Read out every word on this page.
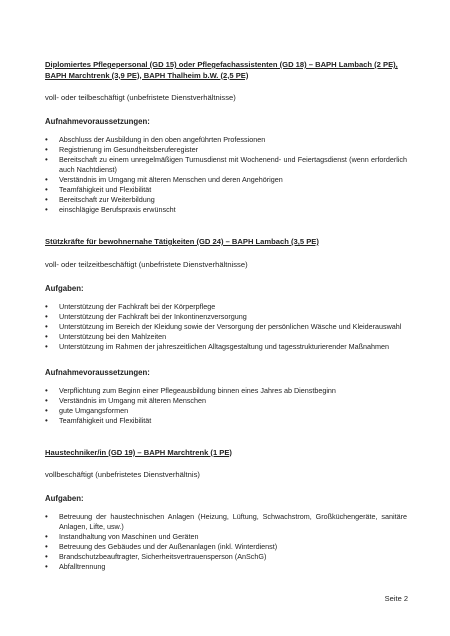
Diplomiertes Pflegepersonal (GD 15) oder Pflegefachassistenten (GD 18) – BAPH Lambach (2 PE), BAPH Marchtrenk (3,9 PE), BAPH Thalheim b.W. (2,5 PE)
voll- oder teilbeschäftigt (unbefristete Dienstverhältnisse)
Aufnahmevoraussetzungen:
• Abschluss der Ausbildung in den oben angeführten Professionen
• Registrierung im Gesundheitsberuferegister
• Bereitschaft zu einem unregelmäßigen Turnusdienst mit Wochenend- und Feiertagsdienst (wenn erforderlich auch Nachtdienst)
• Verständnis im Umgang mit älteren Menschen und deren Angehörigen
• Teamfähigkeit und Flexibilität
• Bereitschaft zur Weiterbildung
• einschlägige Berufspraxis erwünscht
Stützkräfte für bewohnernahe Tätigkeiten (GD 24) – BAPH Lambach (3,5 PE)
voll- oder teilzeitbeschäftigt (unbefristete Dienstverhältnisse)
Aufgaben:
• Unterstützung der Fachkraft bei der Körperpflege
• Unterstützung der Fachkraft bei der Inkontinenzversorgung
• Unterstützung im Bereich der Kleidung sowie der Versorgung der persönlichen Wäsche und Kleiderauswahl
• Unterstützung bei den Mahlzeiten
• Unterstützung im Rahmen der jahreszeitlichen Alltagsgestaltung und tagesstrukturierender Maßnahmen
Aufnahmevoraussetzungen:
• Verpflichtung zum Beginn einer Pflegeausbildung binnen eines Jahres ab Dienstbeginn
• Verständnis im Umgang mit älteren Menschen
• gute Umgangsformen
• Teamfähigkeit und Flexibilität
Haustechniker/in (GD 19) – BAPH Marchtrenk (1 PE)
vollbeschäftigt (unbefristetes Dienstverhältnis)
Aufgaben:
• Betreuung der haustechnischen Anlagen (Heizung, Lüftung, Schwachstrom, Großküchengeräte, sanitäre Anlagen, Lifte, usw.)
• Instandhaltung von Maschinen und Geräten
• Betreuung des Gebäudes und der Außenanlagen (inkl. Winterdienst)
• Brandschutzbeauftragter, Sicherheitsvertrauensperson (AnSchG)
• Abfalltrennung
Seite 2
